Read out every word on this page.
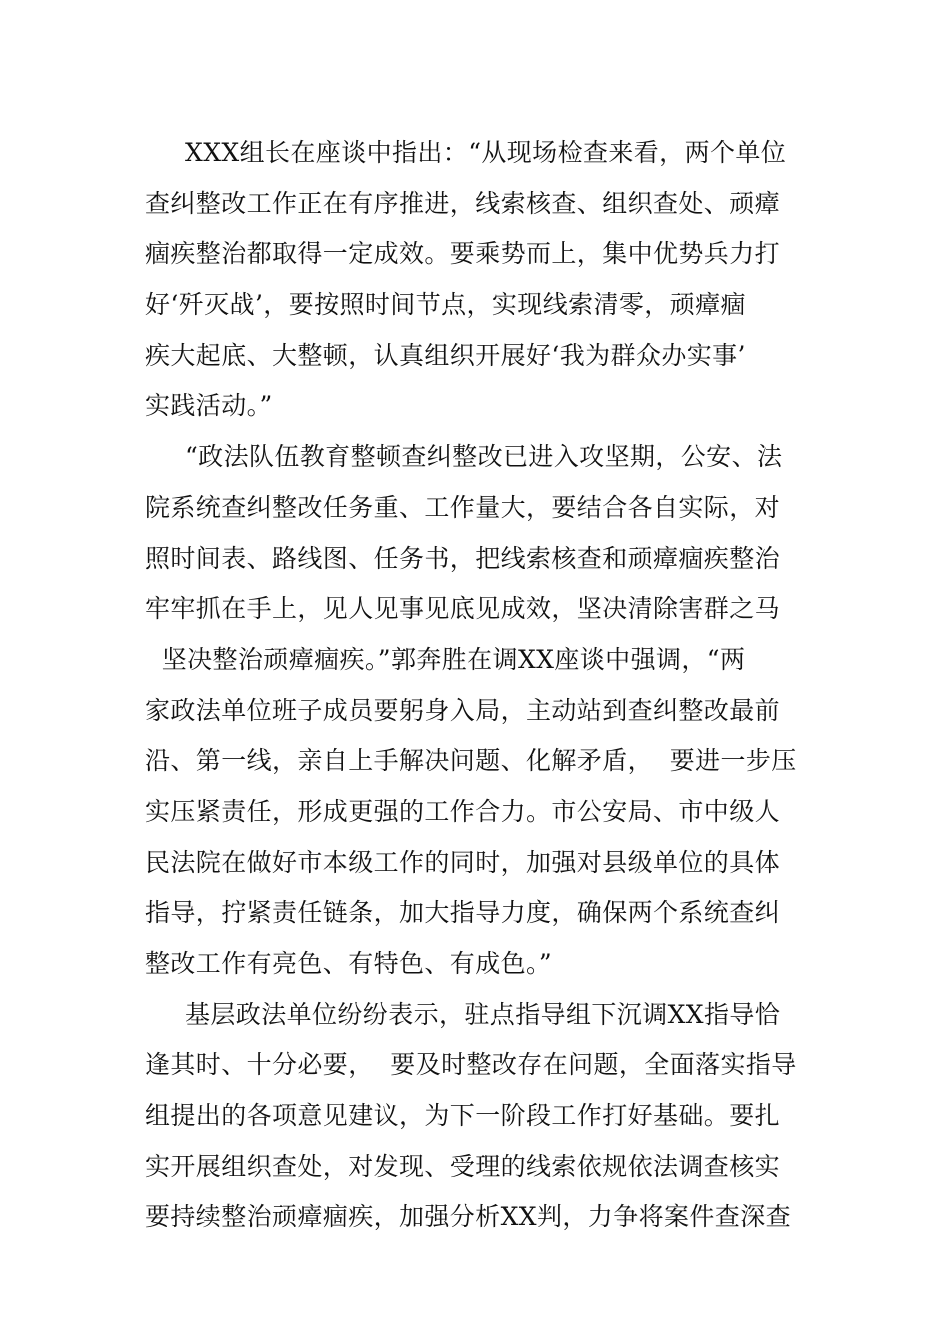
XXX组长在座谈中指出：“从现场检查来看，两个单位
查纠整改工作正在有序推进，线索核查、组织查处、顽瘴
痼疾整治都取得一定成效。要乘势而上，集中优势兵力打
好‘歼灭战’，要按照时间节点，实现线索清零，顽瘴痼
疾大起底、大整顿，认真组织开展好‘我为群众办实事’
实践活动。”
“政法队伍教育整顿查纠整改已进入攻坚期，公安、法
院系统查纠整改任务重、工作量大，要结合各自实际，对
照时间表、路线图、任务书，把线索核查和顽瘴痼疾整治
牢牢抓在手上，见人见事见底见成效，坚决清除害群之马
坚决整治顽瘴痼疾。”郭奔胜在调XX座谈中强调，“两
家政法单位班子成员要躬身入局，主动站到查纠整改最前
沿、第一线，亲自上手解决问题、化解矛盾，  要进一步压
实压紧责任，形成更强的工作合力。市公安局、市中级人
民法院在做好市本级工作的同时，加强对县级单位的具体
指导，拧紧责任链条，加大指导力度，确保两个系统查纠
整改工作有亮色、有特色、有成色。”
基层政法单位纷纷表示，驻点指导组下沉调XX指导恰
逢其时、十分必要，  要及时整改存在问题，全面落实指导
组提出的各项意见建议，为下一阶段工作打好基础。要扎
实开展组织查处，对发现、受理的线索依规依法调查核实
要持续整治顽瘴痼疾，加强分析XX判，力争将案件查深查
